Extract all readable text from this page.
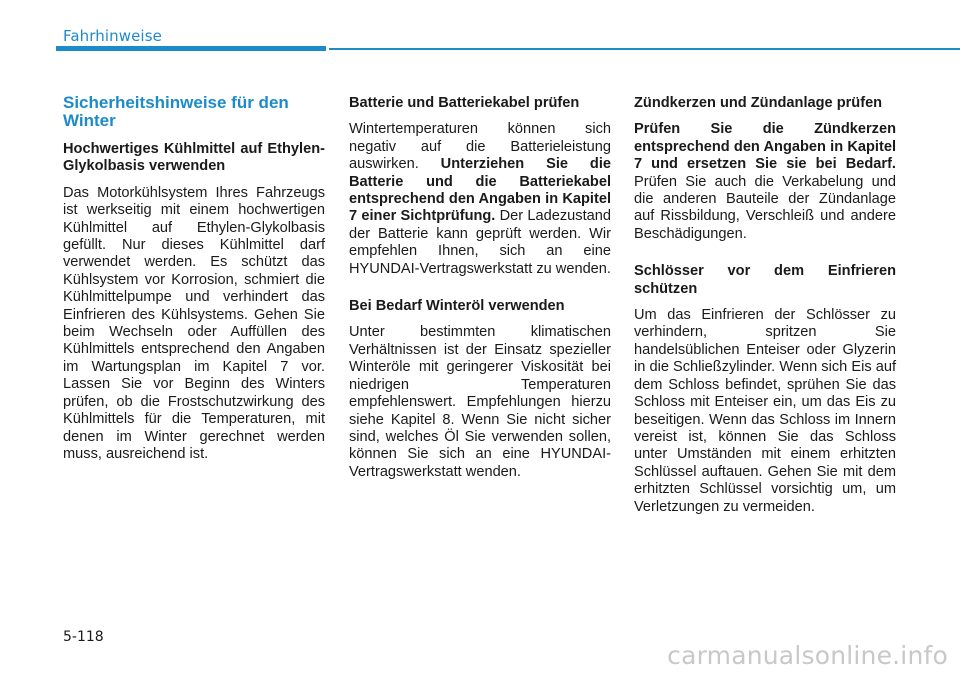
Fahrhinweise
Sicherheitshinweise für den Winter
Hochwertiges Kühlmittel auf Ethylen-Glykolbasis verwenden

Das Motorkühlsystem Ihres Fahrzeugs ist werkseitig mit einem hochwertigen Kühlmittel auf Ethylen-Glykolbasis gefüllt. Nur dieses Kühlmittel darf verwendet werden. Es schützt das Kühlsystem vor Korrosion, schmiert die Kühlmittelpumpe und verhindert das Einfrieren des Kühlsystems. Gehen Sie beim Wechseln oder Auffüllen des Kühlmittels entsprechend den Angaben im Wartungsplan im Kapitel 7 vor. Lassen Sie vor Beginn des Winters prüfen, ob die Frostschutzwirkung des Kühlmittels für die Temperaturen, mit denen im Winter gerechnet werden muss, ausreichend ist.

Batterie und Batteriekabel prüfen

Wintertemperaturen können sich negativ auf die Batterieleistung auswirken. Unterziehen Sie die Batterie und die Batteriekabel entsprechend den Angaben in Kapitel 7 einer Sichtprüfung. Der Ladezustand der Batterie kann geprüft werden. Wir empfehlen Ihnen, sich an eine HYUNDAI-Vertragswerkstatt zu wenden.

Bei Bedarf Winteröl verwenden

Unter bestimmten klimatischen Verhältnissen ist der Einsatz spezieller Winteröle mit geringerer Viskosität bei niedrigen Temperaturen empfehlenswert. Empfehlungen hierzu siehe Kapitel 8. Wenn Sie nicht sicher sind, welches Öl Sie verwenden sollen, können Sie sich an eine HYUNDAI-Vertragswerkstatt wenden.

Zündkerzen und Zündanlage prüfen

Prüfen Sie die Zündkerzen entsprechend den Angaben in Kapitel 7 und ersetzen Sie sie bei Bedarf. Prüfen Sie auch die Verkabelung und die anderen Bauteile der Zündanlage auf Rissbildung, Verschleiß und andere Beschädigungen.

Schlösser vor dem Einfrieren schützen

Um das Einfrieren der Schlösser zu verhindern, spritzen Sie handelsüblichen Enteiser oder Glyzerin in die Schließzylinder. Wenn sich Eis auf dem Schloss befindet, sprühen Sie das Schloss mit Enteiser ein, um das Eis zu beseitigen. Wenn das Schloss im Innern vereist ist, können Sie das Schloss unter Umständen mit einem erhitzten Schlüssel auftauen. Gehen Sie mit dem erhitzten Schlüssel vorsichtig um, um Verletzungen zu vermeiden.

5-118
carmanualsonline.info
